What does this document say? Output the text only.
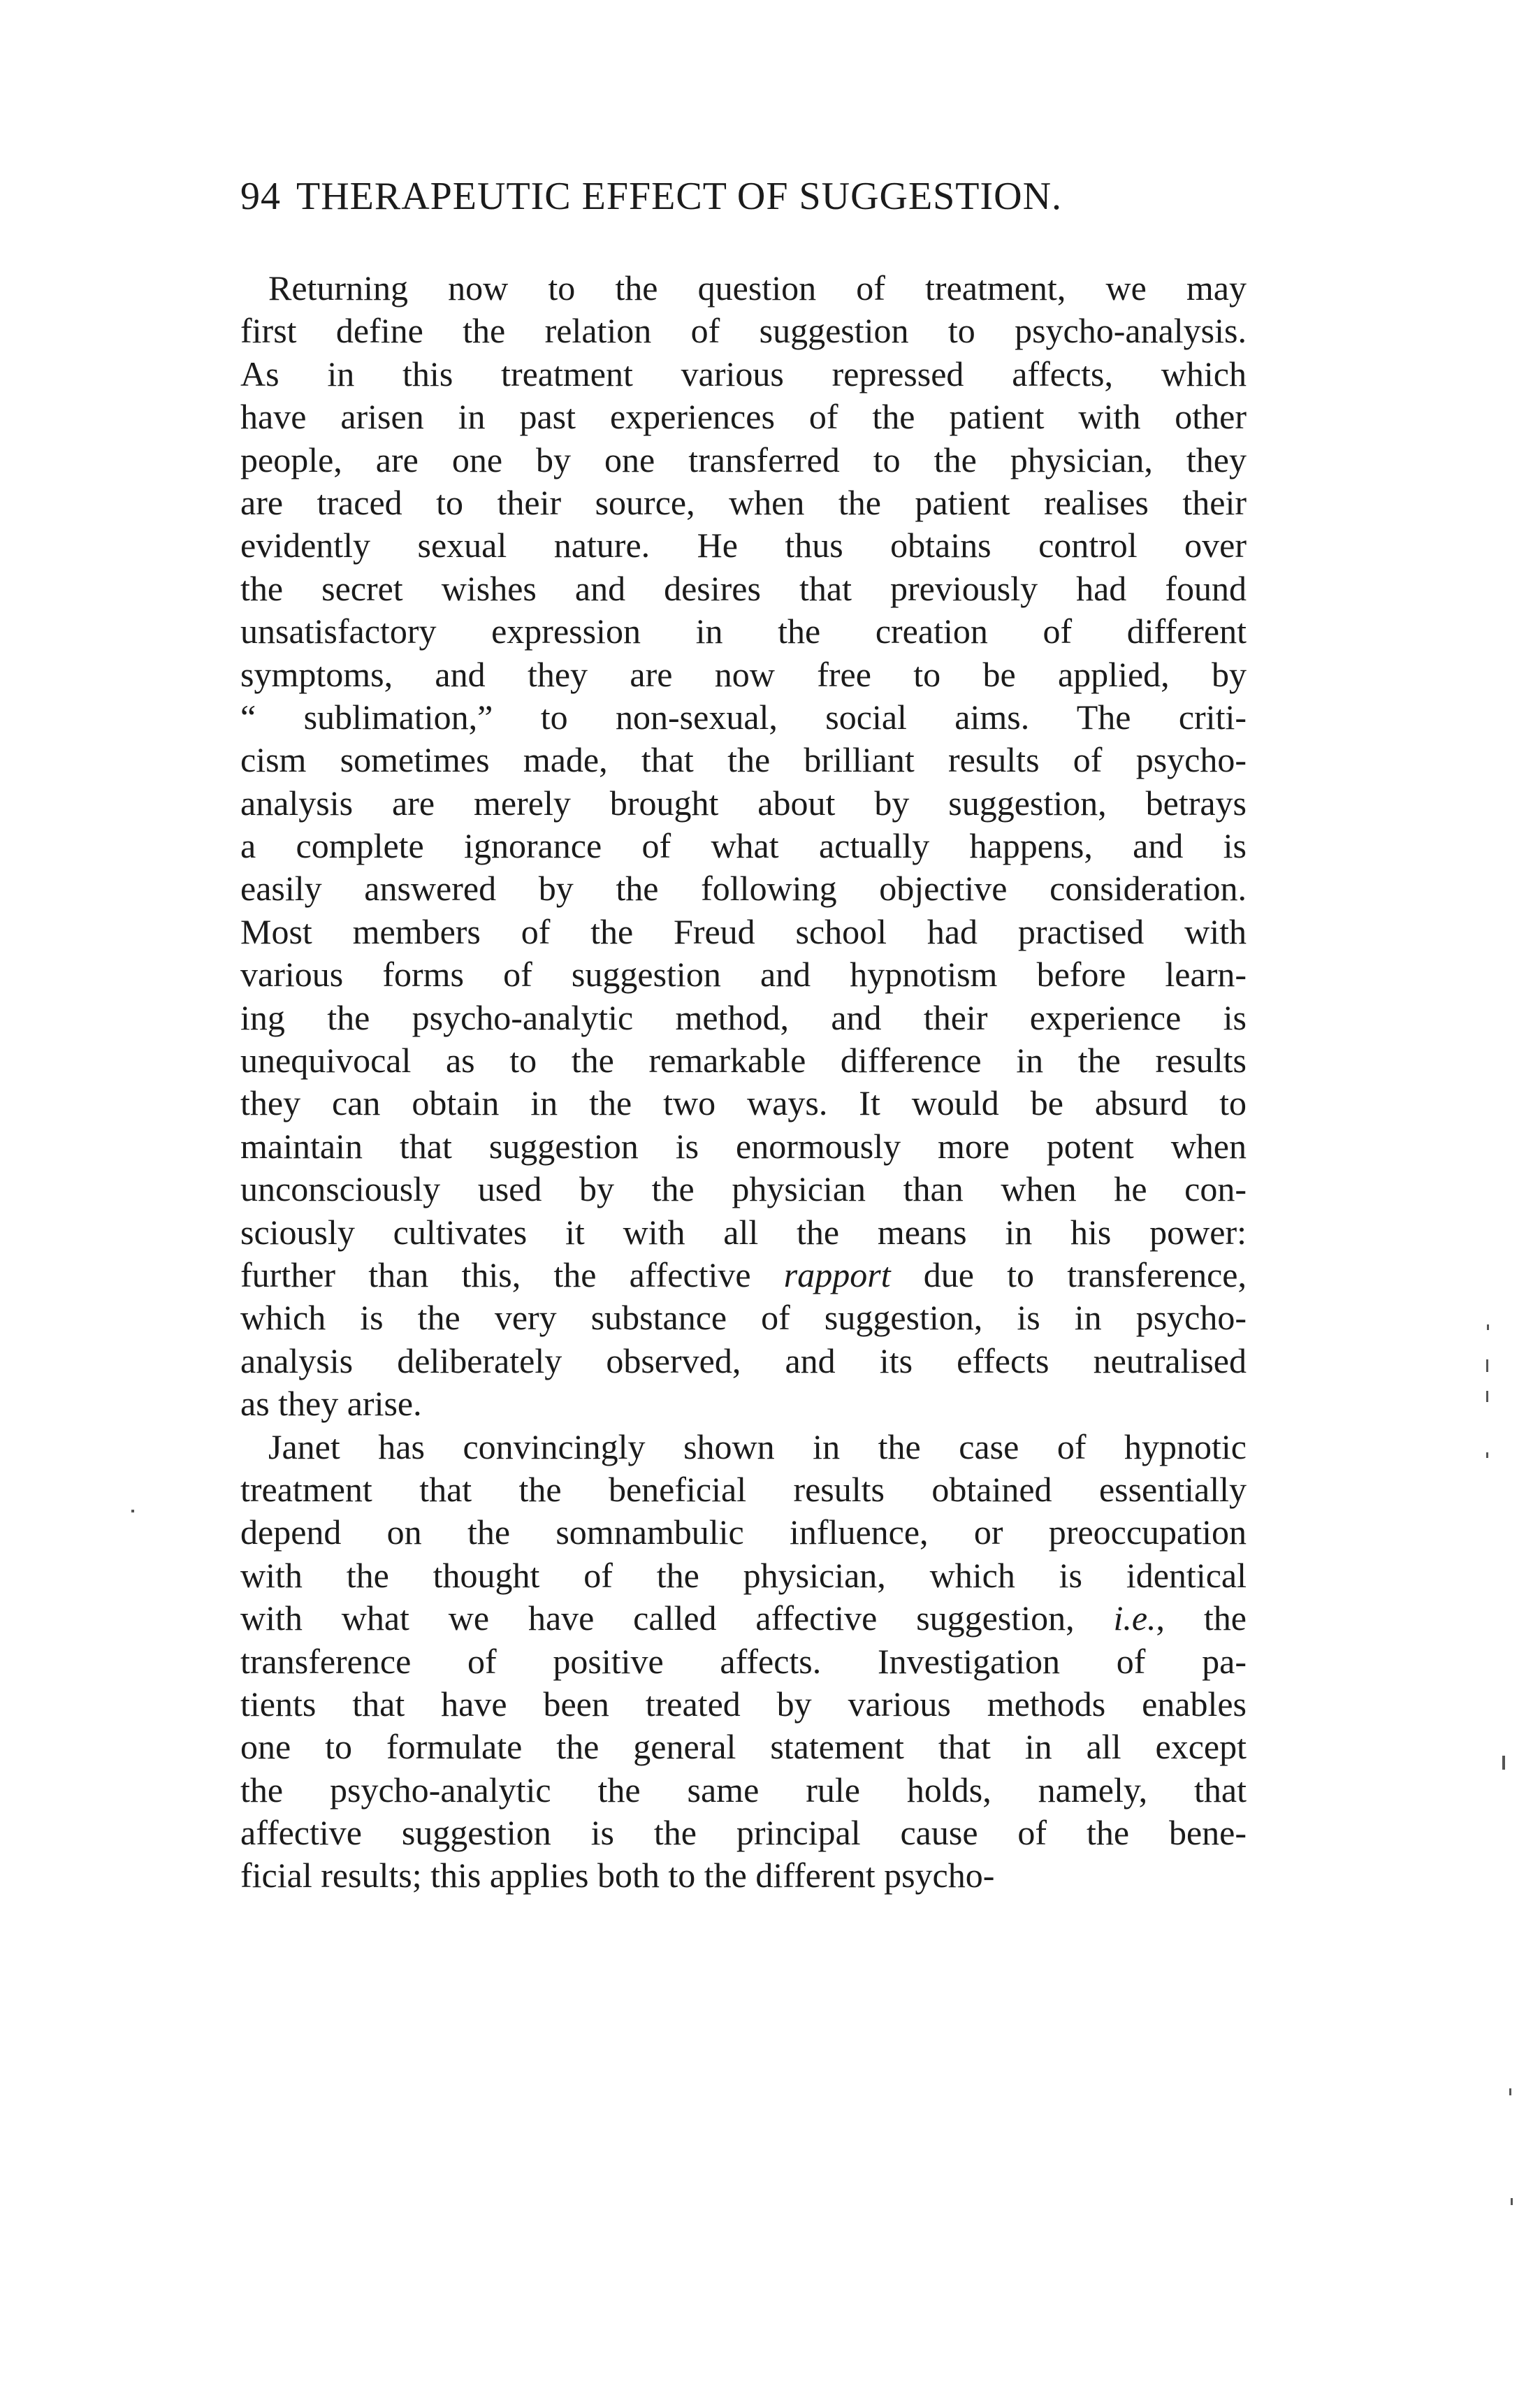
94 THERAPEUTIC EFFECT OF SUGGESTION.
Returning now to the question of treatment, we may
first define the relation of suggestion to psycho-analysis.
As in this treatment various repressed affects, which
have arisen in past experiences of the patient with other
people, are one by one transferred to the physician, they
are traced to their source, when the patient realises their
evidently sexual nature. He thus obtains control over
the secret wishes and desires that previously had found
unsatisfactory expression in the creation of different
symptoms, and they are now free to be applied, by
“ sublimation,” to non-sexual, social aims. The criti-
cism sometimes made, that the brilliant results of psycho-
analysis are merely brought about by suggestion, betrays
a complete ignorance of what actually happens, and is
easily answered by the following objective consideration.
Most members of the Freud school had practised with
various forms of suggestion and hypnotism before learn-
ing the psycho-analytic method, and their experience is
unequivocal as to the remarkable difference in the results
they can obtain in the two ways. It would be absurd to
maintain that suggestion is enormously more potent when
unconsciously used by the physician than when he con-
sciously cultivates it with all the means in his power:
further than this, the affective rapport due to transference,
which is the very substance of suggestion, is in psycho-
analysis deliberately observed, and its effects neutralised
as they arise.
Janet has convincingly shown in the case of hypnotic
treatment that the beneficial results obtained essentially
depend on the somnambulic influence, or preoccupation
with the thought of the physician, which is identical
with what we have called affective suggestion, i.e., the
transference of positive affects. Investigation of pa-
tients that have been treated by various methods enables
one to formulate the general statement that in all except
the psycho-analytic the same rule holds, namely, that
affective suggestion is the principal cause of the bene-
ficial results; this applies both to the different psycho-
